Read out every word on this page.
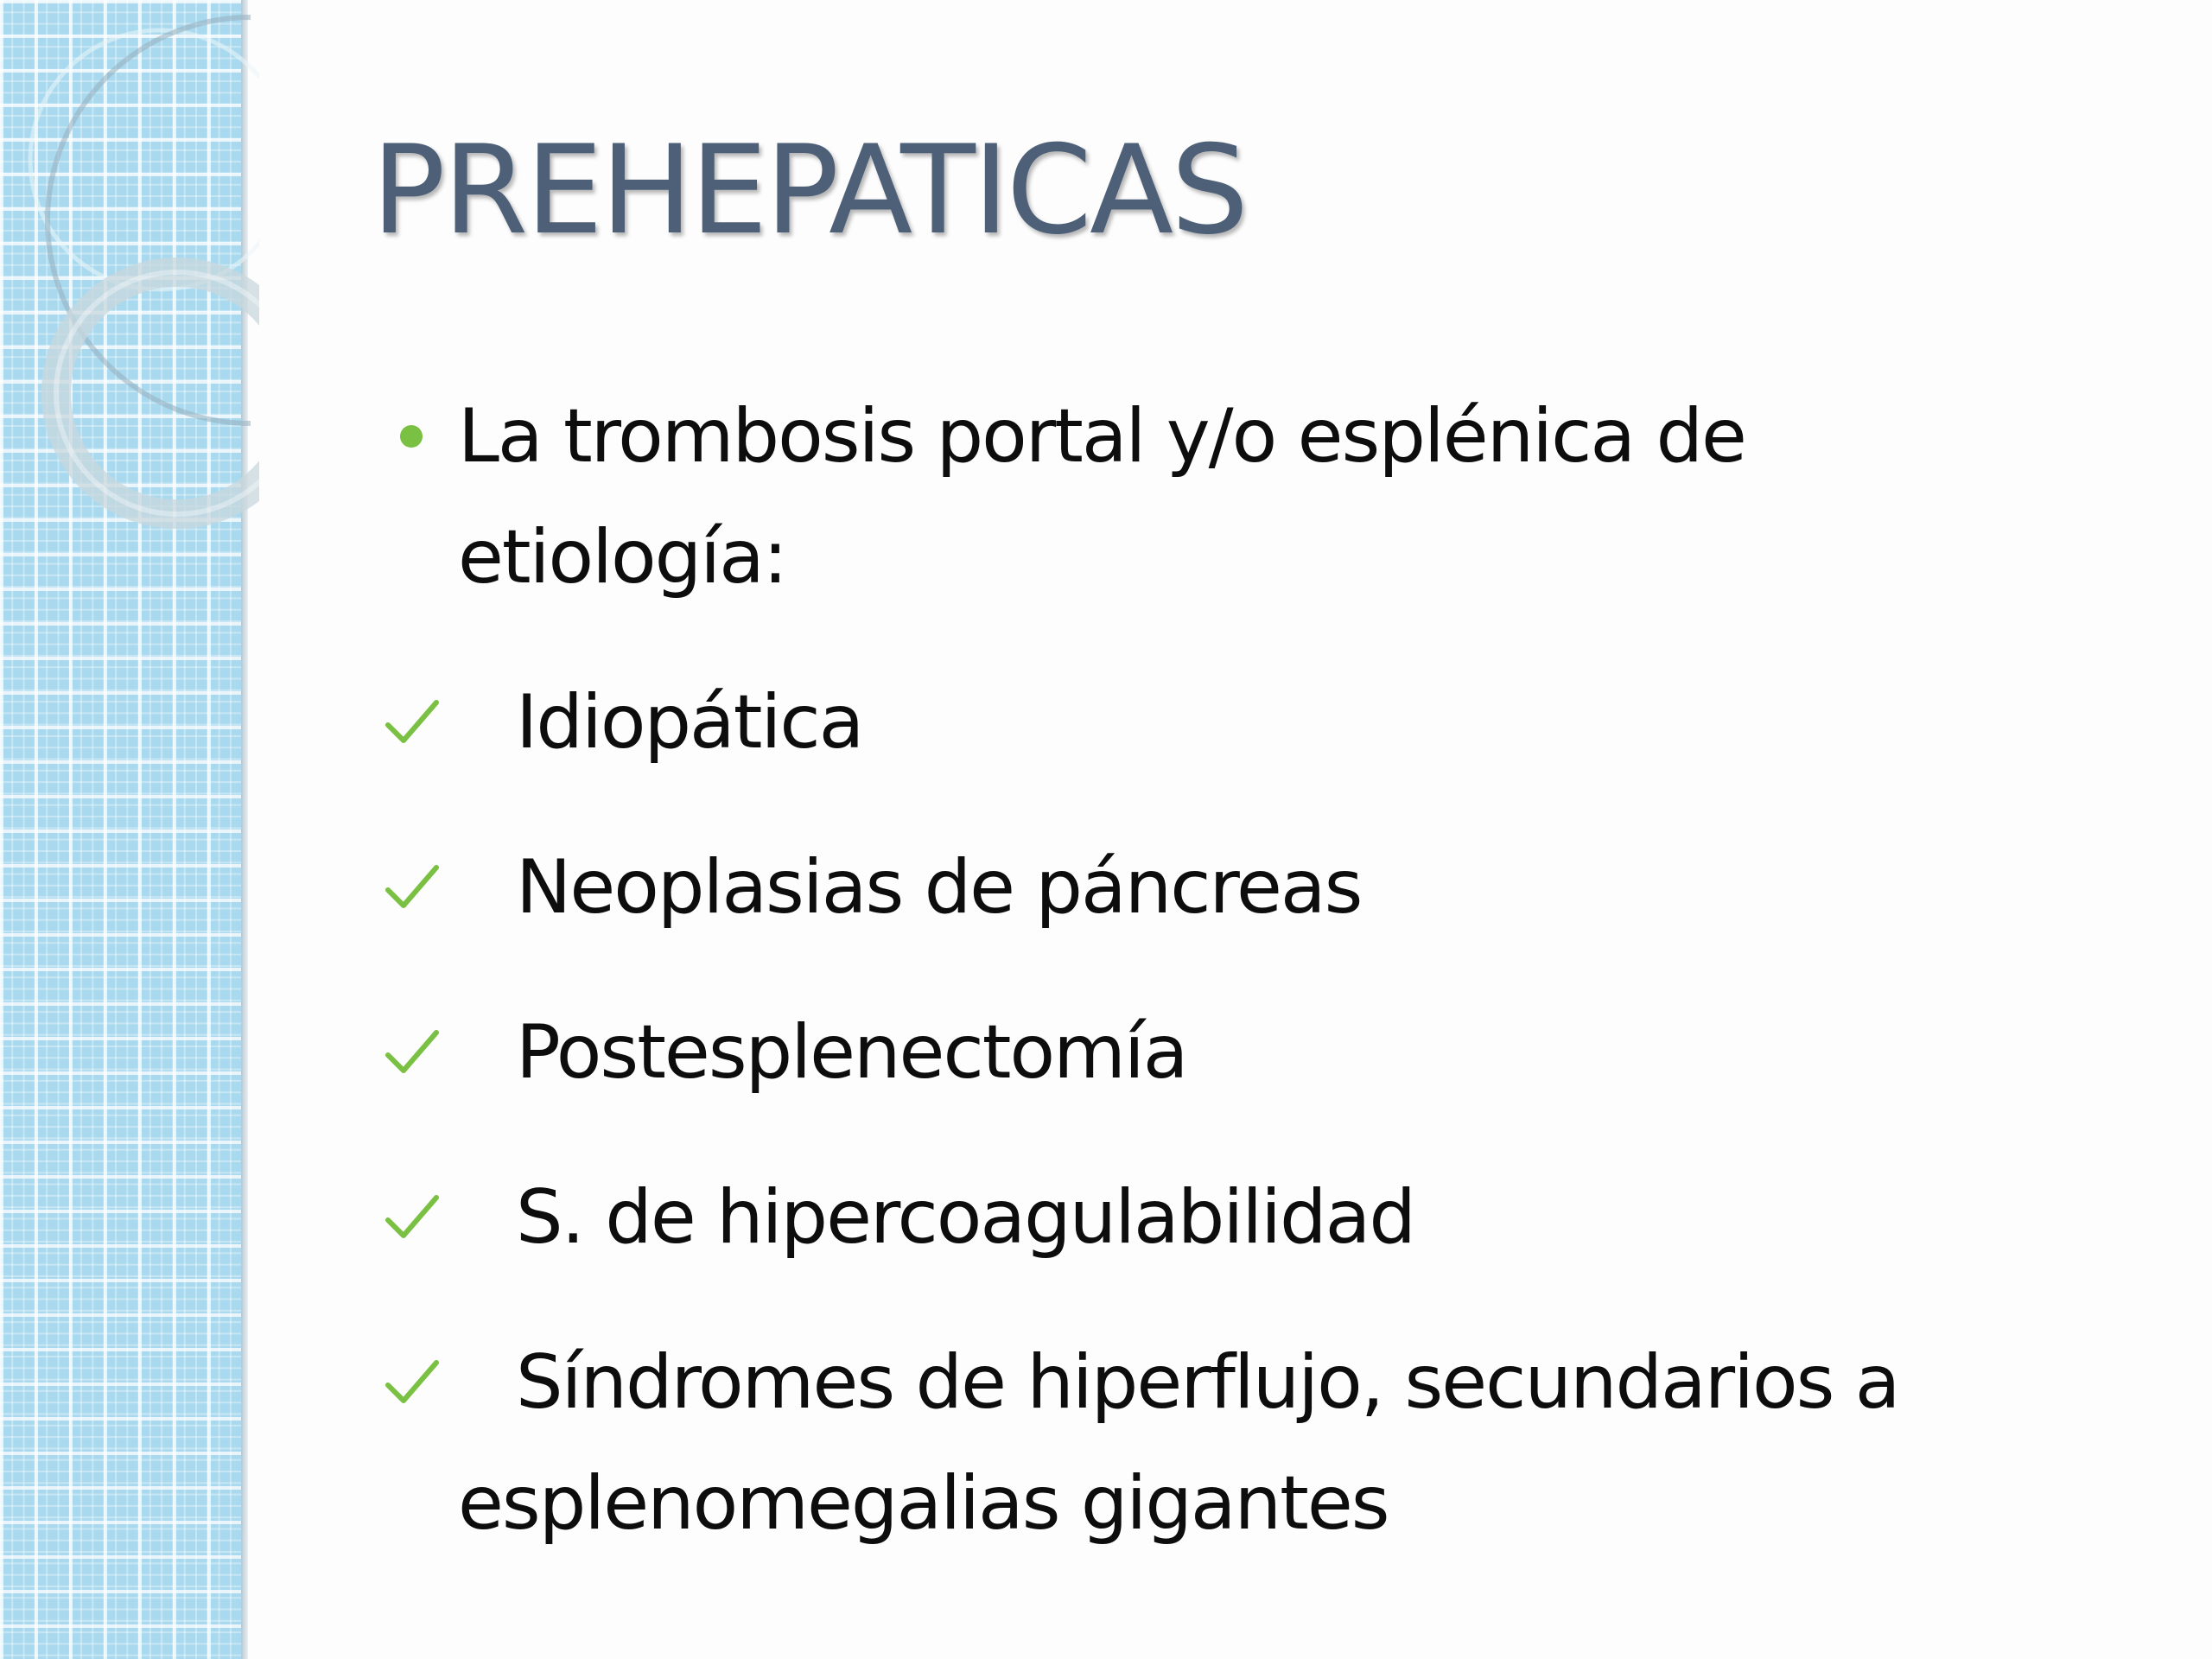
PREHEPATICAS
La trombosis portal y/o esplénica de
etiología:
Idiopática
Neoplasias de páncreas
Postesplenectomía
S. de hipercoagulabilidad
Síndromes de hiperflujo, secundarios a
esplenomegalias gigantes
